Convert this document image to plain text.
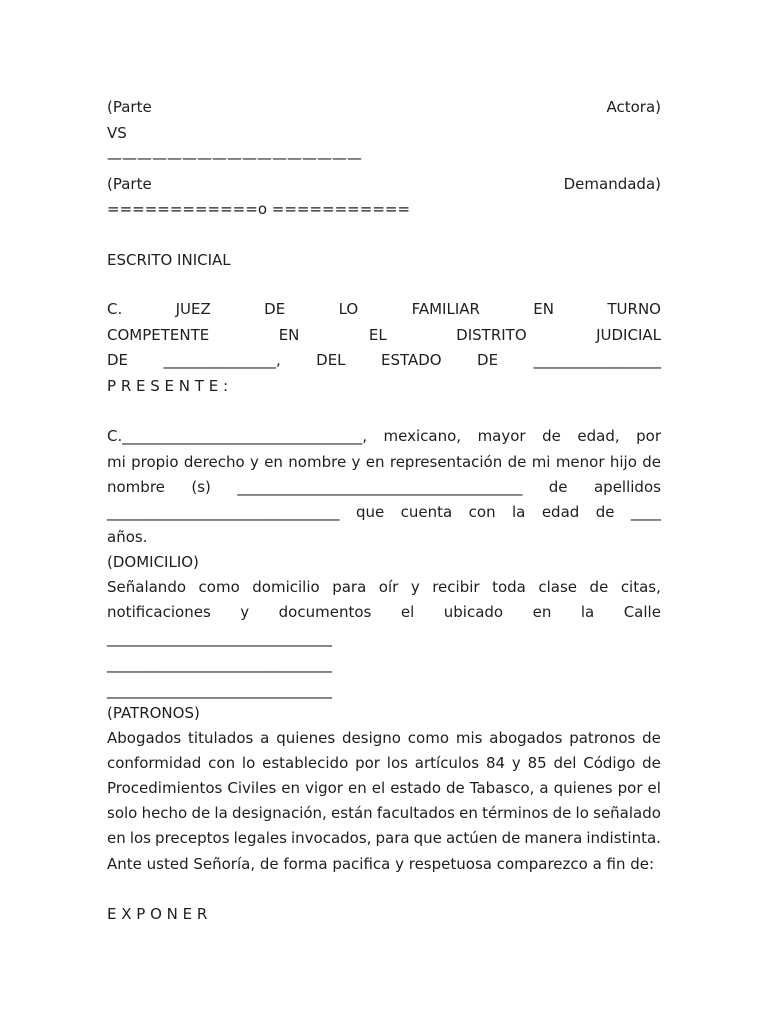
(Parte	Actora)
VS
—————————————————
(Parte	Demandada)
============o ===========
ESCRITO INICIAL
C.	JUEZ	DE	LO	FAMILIAR	EN	TURNO
COMPETENTE	EN	EL	DISTRITO	JUDICIAL
DE _______________, DEL ESTADO DE _________________
P R E S E N T E :
C.________________________________, mexicano, mayor de edad, por
mi propio derecho y en nombre y en representación de mi menor hijo de
nombre (s) ______________________________________ de apellidos
_______________________________ que cuenta con la edad de ____
años.
(DOMICILIO)
Señalando como domicilio para oír y recibir toda clase de citas,
notificaciones y documentos el ubicado en la Calle
______________________________
______________________________
______________________________
(PATRONOS)
Abogados titulados a quienes designo como mis abogados patronos de
conformidad con lo establecido por los artículos 84 y 85 del Código de
Procedimientos Civiles en vigor en el estado de Tabasco, a quienes por el
solo hecho de la designación, están facultados en términos de lo señalado
en los preceptos legales invocados, para que actúen de manera indistinta.
Ante usted Señoría, de forma pacifica y respetuosa comparezco a fin de:
E X P O N E R
